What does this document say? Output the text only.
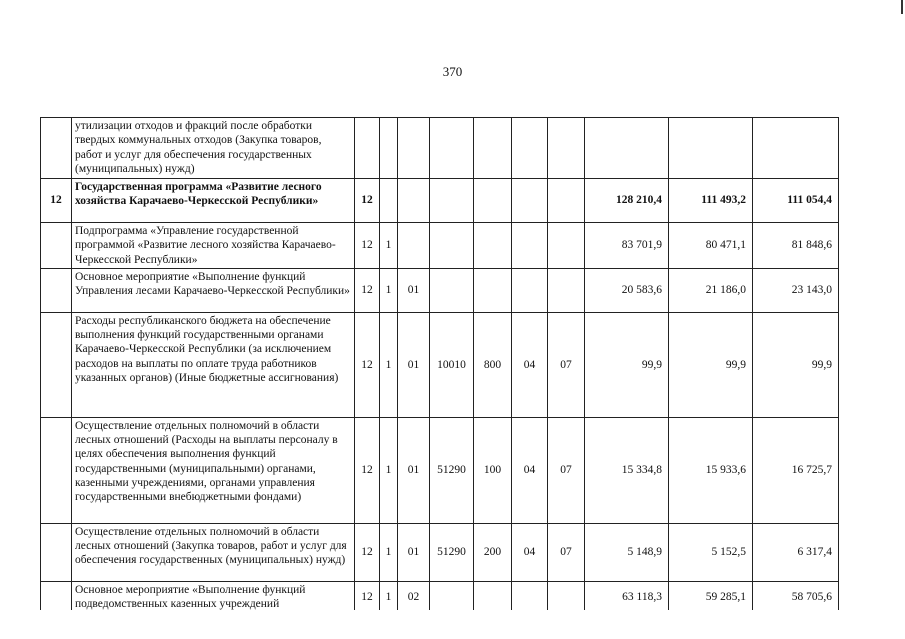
370
	утилизации отходов и фракций после обработки твердых коммунальных отходов (Закупка товаров, работ и услуг для обеспечения государственных (муниципальных) нужд)										
12	Государственная программа «Развитие лесного хозяйства Карачаево-Черкесской Республики»	12							128 210,4	111 493,2	111 054,4
	Подпрограмма «Управление государственной программой «Развитие лесного хозяйства Карачаево-Черкесской Республики»	12	1						83 701,9	80 471,1	81 848,6
	Основное мероприятие «Выполнение функций Управления лесами Карачаево-Черкесской Республики»	12	1	01					20 583,6	21 186,0	23 143,0
	Расходы республиканского бюджета на обеспечение выполнения функций государственными органами Карачаево-Черкесской Республики (за исключением расходов на выплаты по оплате труда работников указанных органов) (Иные бюджетные ассигнования)	12	1	01	10010	800	04	07	99,9	99,9	99,9
	Осуществление отдельных полномочий в области лесных отношений (Расходы на выплаты персоналу в целях обеспечения выполнения функций государственными (муниципальными) органами, казенными учреждениями, органами управления государственными внебюджетными фондами)	12	1	01	51290	100	04	07	15 334,8	15 933,6	16 725,7
	Осуществление отдельных полномочий в области лесных отношений (Закупка товаров, работ и услуг для обеспечения государственных (муниципальных) нужд)	12	1	01	51290	200	04	07	5 148,9	5 152,5	6 317,4
	Основное мероприятие «Выполнение функций подведомственных казенных учреждений	12	1	02					63 118,3	59 285,1	58 705,6
